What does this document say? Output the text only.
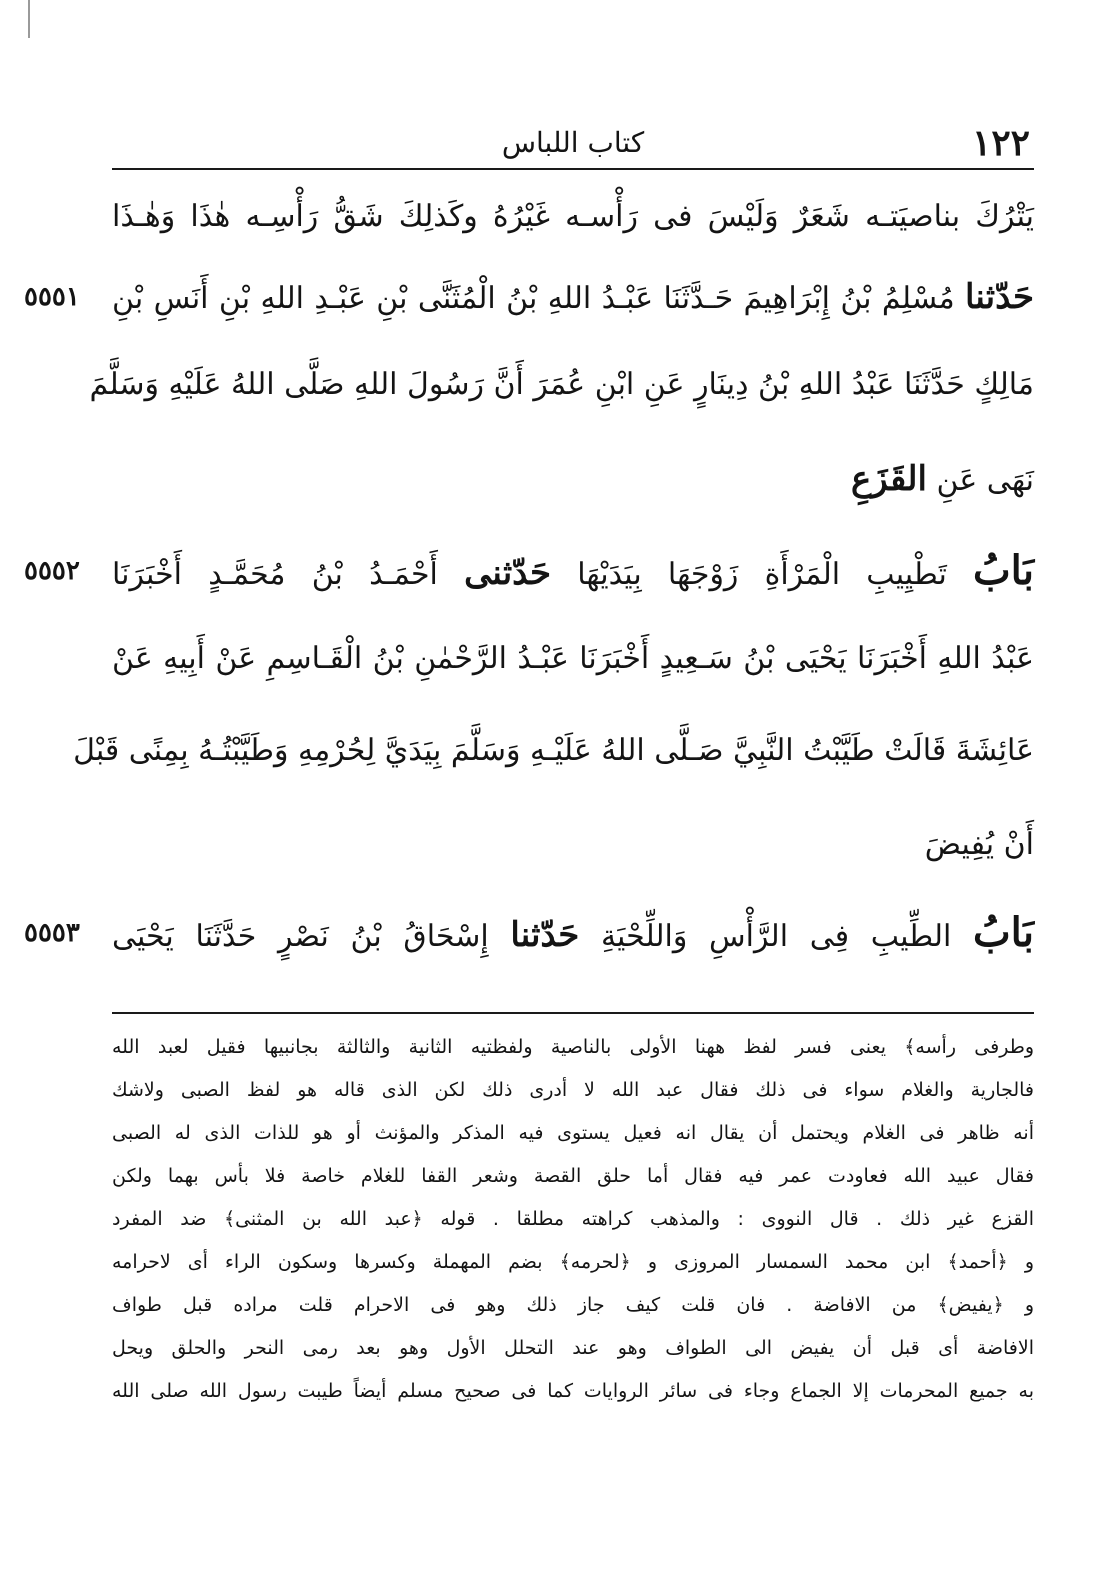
١٢٢
كتاب اللباس
يَتْرُكَ بناصيَتـه شَعَرٌ وَلَيْسَ فى رَأْسـه غَيْرُهُ وكَذلِكَ شَقُّ رَأْسِـه هٰذَا وَهٰـذَا
حَدّثنا مُسْلِمُ بْنُ إِبْرَاهِيمَ حَـدَّثَنَا عَبْـدُ اللهِ بْنُ الْمُثَنَّى بْنِ عَبْـدِ اللهِ بْنِ أَنَسِ بْنِ
٥٥٥١
مَالِكٍ حَدَّثَنَا عَبْدُ اللهِ بْنُ دِينَارٍ عَنِ ابْنِ عُمَرَ أَنَّ رَسُولَ اللهِ صَلَّى اللهُ عَلَيْهِ وَسَلَّمَ
نَهَى عَنِ القَزَعِ
بَابُ تَطْيِيبِ الْمَرْأَةِ زَوْجَهَا بِيَدَيْهَا حَدّثنى أَحْمَـدُ بْنُ مُحَمَّـدٍ أَخْبَرَنَا
٥٥٥٢
عَبْدُ اللهِ أَخْبَرَنَا يَحْيَى بْنُ سَـعِيدٍ أَخْبَرَنَا عَبْـدُ الرَّحْمٰنِ بْنُ الْقَـاسِمِ عَنْ أَبِيهِ عَنْ
عَائِشَةَ قَالَتْ طَيَّبْتُ النَّبِيَّ صَـلَّى اللهُ عَلَيْـهِ وَسَلَّمَ بِيَدَيَّ لِحُرْمِهِ وَطَيَّبْتُـهُ بِمِنًى قَبْلَ
أَنْ يُفِيضَ
بَابُ الطِّيبِ فِى الرَّأْسِ وَاللِّحْيَةِ حَدّثنا إِسْحَاقُ بْنُ نَصْرٍ حَدَّثَنَا يَحْيَى
٥٥٥٣
وطرفى رأسه﴾ يعنى فسر لفظ ههنا الأولى بالناصية ولفظتيه الثانية والثالثة بجانبيها فقيل لعبد الله
فالجارية والغلام سواء فى ذلك فقال عبد الله لا أدرى ذلك لكن الذى قاله هو لفظ الصبى ولاشك
أنه ظاهر فى الغلام ويحتمل أن يقال انه فعيل يستوى فيه المذكر والمؤنث أو هو للذات الذى له الصبى
فقال عبيد الله فعاودت عمر فيه فقال أما حلق القصة وشعر القفا للغلام خاصة فلا بأس بهما ولكن
القزع غير ذلك . قال النووى : والمذهب كراهته مطلقا . قوله ﴿عبد الله بن المثنى﴾ ضد المفرد
و ﴿أحمد﴾ ابن محمد السمسار المروزى و ﴿لحرمه﴾ بضم المهملة وكسرها وسكون الراء أى لاحرامه
و ﴿يفيض﴾ من الافاضة . فان قلت كيف جاز ذلك وهو فى الاحرام قلت مراده قبل طواف
الافاضة أى قبل أن يفيض الى الطواف وهو عند التحلل الأول وهو بعد رمى النحر والحلق ويحل
به جميع المحرمات إلا الجماع وجاء فى سائر الروايات كما فى صحيح مسلم أيضاً طيبت رسول الله صلى الله
